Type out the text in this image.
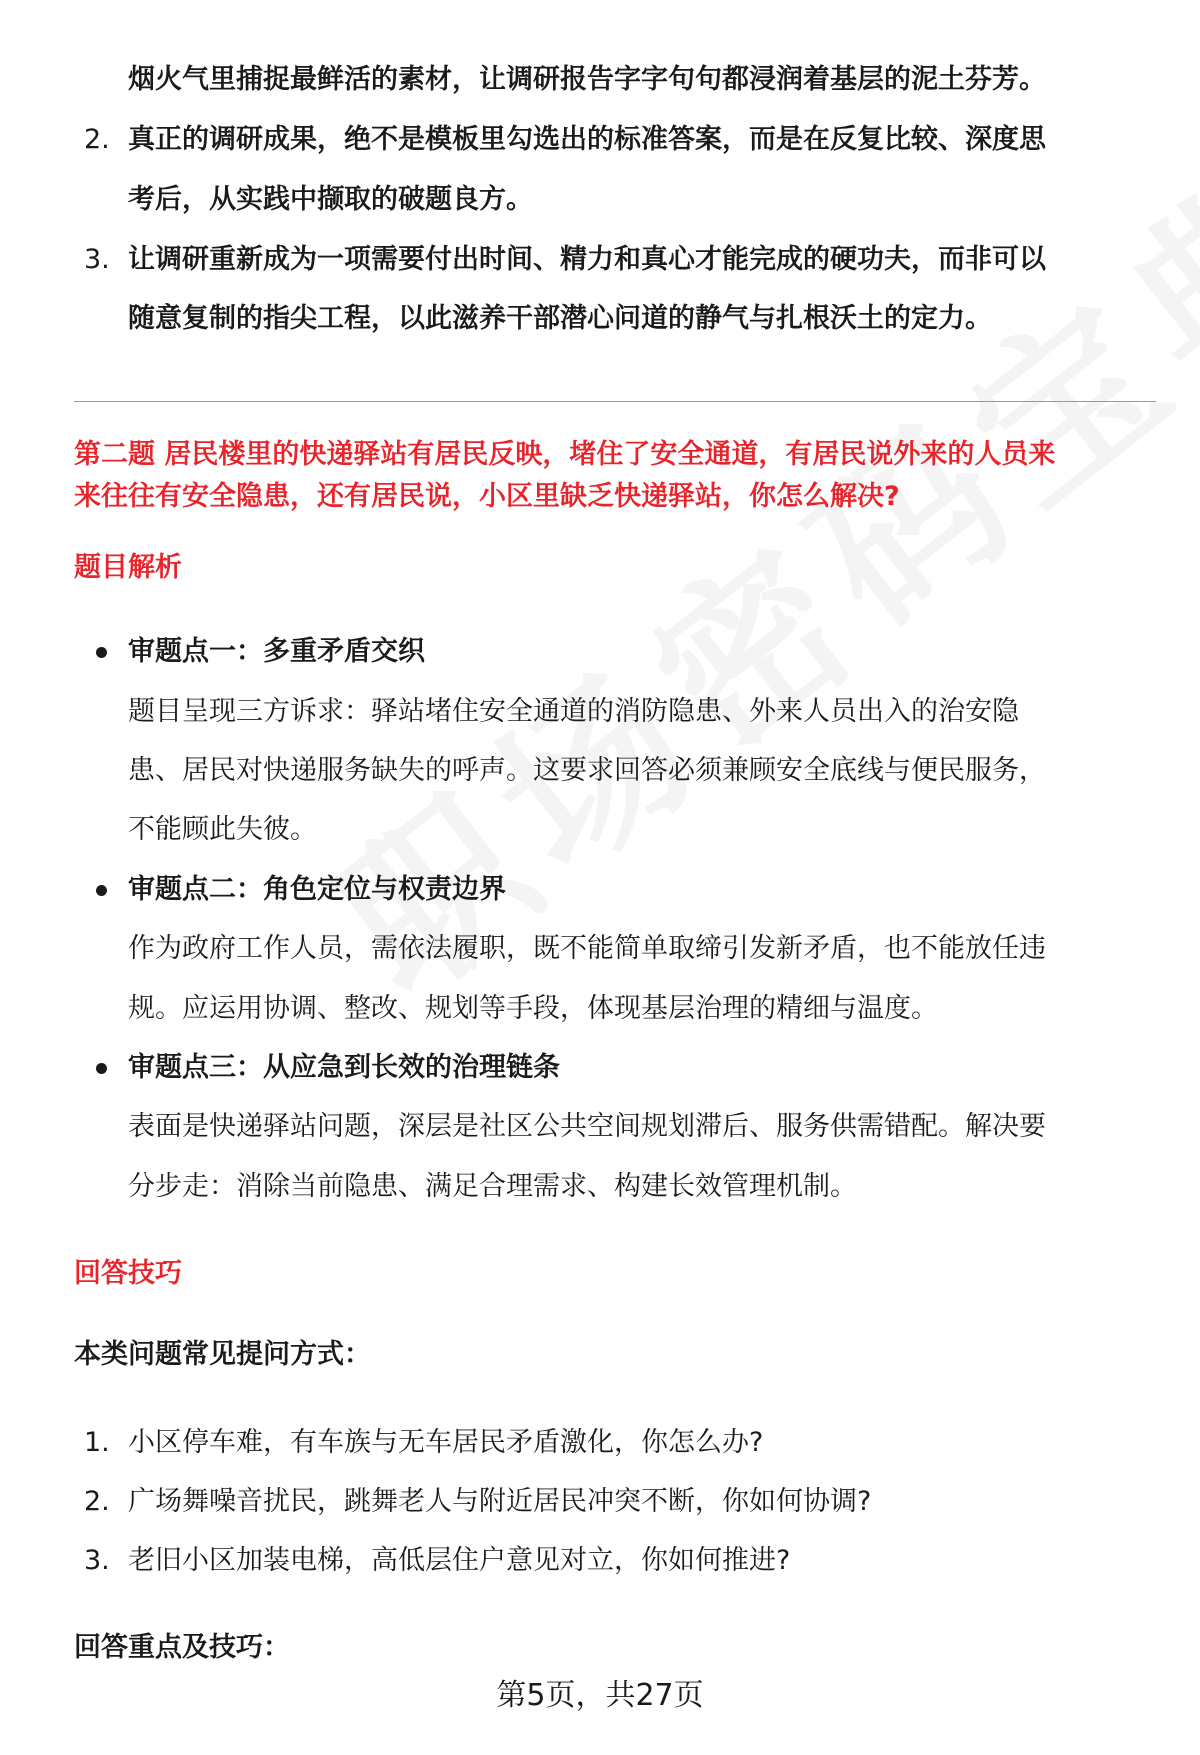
烟火气里捕捉最鲜活的素材，让调研报告字字句句都浸润着基层的泥土芬芳。
2. 真正的调研成果，绝不是模板里勾选出的标准答案，而是在反复比较、深度思
考后，从实践中撷取的破题良方。
3. 让调研重新成为一项需要付出时间、精力和真心才能完成的硬功夫，而非可以
随意复制的指尖工程，以此滋养干部潜心问道的静气与扎根沃土的定力。
第二题 居民楼里的快递驿站有居民反映，堵住了安全通道，有居民说外来的人员来
来往往有安全隐患，还有居民说，小区里缺乏快递驿站，你怎么解决?
题目解析
审题点一：多重矛盾交织
题目呈现三方诉求：驿站堵住安全通道的消防隐患、外来人员出入的治安隐
患、居民对快递服务缺失的呼声。这要求回答必须兼顾安全底线与便民服务，
不能顾此失彼。
审题点二：角色定位与权责边界
作为政府工作人员，需依法履职，既不能简单取缔引发新矛盾，也不能放任违
规。应运用协调、整改、规划等手段，体现基层治理的精细与温度。
审题点三：从应急到长效的治理链条
表面是快递驿站问题，深层是社区公共空间规划滞后、服务供需错配。解决要
分步走：消除当前隐患、满足合理需求、构建长效管理机制。
回答技巧
本类问题常见提问方式：
1. 小区停车难，有车族与无车居民矛盾激化，你怎么办?
2. 广场舞噪音扰民，跳舞老人与附近居民冲突不断，你如何协调?
3. 老旧小区加装电梯，高低层住户意见对立，你如何推进?
回答重点及技巧：
第5页，共27页
